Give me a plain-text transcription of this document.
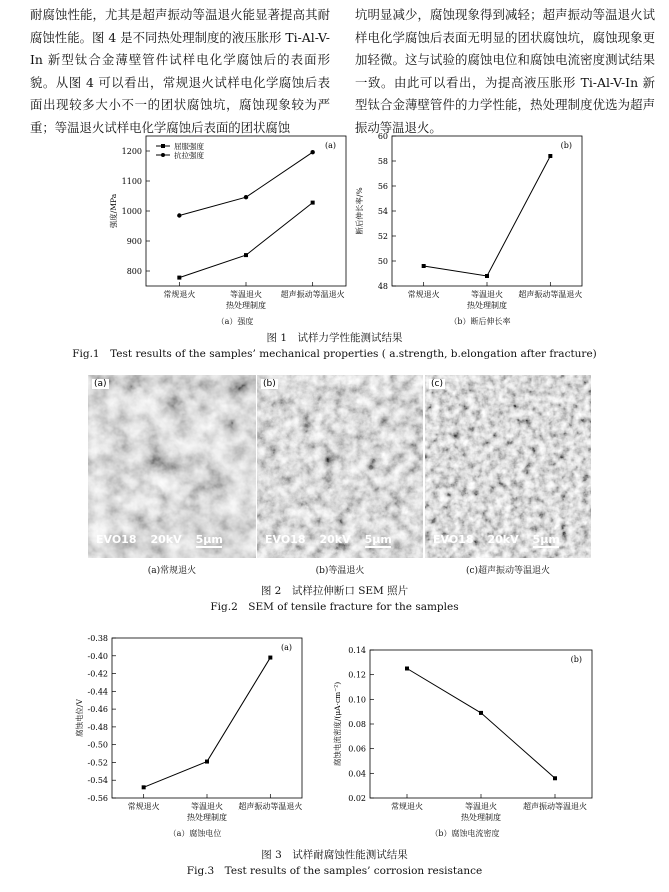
耐腐蚀性能，尤其是超声振动等温退火能显著提高其耐腐蚀性能。图 4 是不同热处理制度的液压胀形 Ti-Al-V-In 新型钛合金薄壁管件试样电化学腐蚀后的表面形貌。从图 4 可以看出，常规退火试样电化学腐蚀后表面出现较多大小不一的团状腐蚀坑，腐蚀现象较为严重；等温退火试样电化学腐蚀后表面的团状腐蚀

坑明显减少，腐蚀现象得到减轻；超声振动等温退火试样电化学腐蚀后表面无明显的团状腐蚀坑，腐蚀现象更加轻微。这与试验的腐蚀电位和腐蚀电流密度测试结果一致。由此可以看出，为提高液压胀形 Ti-Al-V-In 新型钛合金薄壁管件的力学性能，热处理制度优选为超声振动等温退火。

800
900
1000
1100
1200
常规退火	等温退火 超声振动等温退火
热处理制度
强度/MPa
(a)
屈服强度
抗拉强度
48
50
52
54
56
58
60
常规退火	等温退火 超声振动等温退火
热处理制度
断后伸长率/%
(b)
（a）强度	（b）断后伸长率
图 1　试样力学性能测试结果
Fig.1　Test results of the samples’ mechanical properties ( a.strength, b.elongation after fracture)
(a)
EVO18 20kV 5μm
(b)
EVO18 20kV 5μm
(c)
EVO18 20kV 5μm
(a)常规退火	(b)等温退火	(c)超声振动等温退火
图 2　试样拉伸断口 SEM 照片
Fig.2　SEM of tensile fracture for the samples
-0.56
-0.54
-0.52
-0.50
-0.48
-0.46
-0.44
-0.42
-0.40
-0.38
常规退火	等温退火 超声振动等温退火
热处理制度
腐蚀电位/V
(a)
0.02
0.04
0.06
0.08
0.10
0.12
0.14
常规退火	等温退火	超声振动等温退火
热处理制度
腐蚀电流密度/(μA·cm⁻²)
(b)
（a）腐蚀电位	（b）腐蚀电流密度
图 3　试样耐腐蚀性能测试结果
Fig.3　Test results of the samples’ corrosion resistance
